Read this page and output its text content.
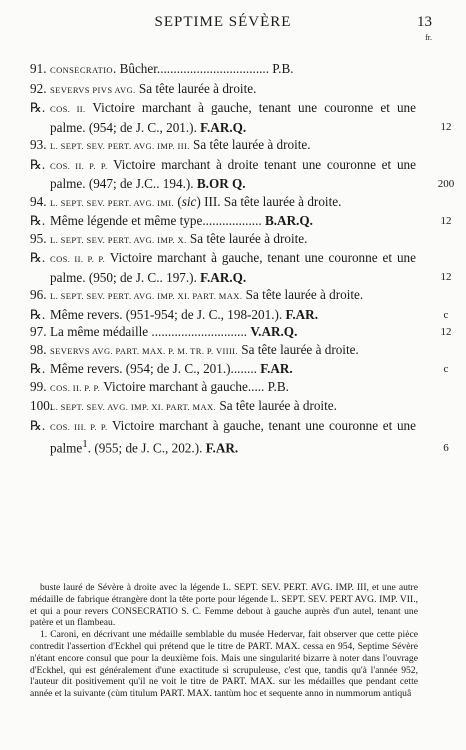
SEPTIME SÉVÈRE	13
fr.
91. CONSECRATIO. Bûcher.................................. P.B.
92. SEVERVS PIVS AVG. Sa tête laurée à droite.
℞. COS. II. Victoire marchant à gauche, tenant une couronne et une palme. (954; de J. C., 201.). F.AR.Q.	12
93. L. SEPT. SEV. PERT. AVG. IMP. III. Sa tête laurée à droite.
℞. COS. II. P. P. Victoire marchant à droite tenant une couronne et une palme. (947; de J.C.. 194.). B.OR Q.	200
94. L. SEPT. SEV. PERT. AVG. IMI. (sic) III. Sa tête laurée à droite.
℞. Même légende et même type.................. B.AR.Q.	12
95. L. SEPT. SEV. PERT. AVG. IMP. X. Sa tête laurée à droite.
℞. COS. II. P. P. Victoire marchant à gauche, tenant une couronne et une palme. (950; de J. C.. 197.). F.AR.Q.	12
96. L. SEPT. SEV. PERT. AVG. IMP. XI. PART. MAX. Sa tête laurée à droite.
℞. Même revers. (951-954; de J. C., 198-201.). F.AR.	c
97. La même médaille ............................. V.AR.Q.	12
98. SEVERVS AVG. PART. MAX. P. M. TR. P. VIIII. Sa tête laurée à droite.
℞. Même revers. (954; de J. C., 201.)........ F.AR.	c
99. COS. II. P. P. Victoire marchant à gauche..... P.B.
100.
L. SEPT. SEV. AVG. IMP. XI. PART. MAX. Sa tête laurée à droite.
℞. COS. III. P. P. Victoire marchant à gauche, tenant une couronne et une palme$^1$. (955; de J. C., 202.). F.AR.	6

buste lauré de Sévère à droite avec la légende L. SEPT. SEV. PERT. AVG. IMP. III, et une autre médaille de fabrique étrangère dont la tête porte pour légende L. SEPT. SEV. PERT AVG. IMP. VII., et qui a pour revers CONSECRATIO S. C. Femme debout à gauche auprès d'un autel, tenant une patère et un flambeau.

1. Caroni, en décrivant une médaille semblable du musée Hedervar, fait observer que cette pièce contredit l'assertion d'Eckhel qui prétend que le titre de PART. MAX. cessa en 954, Septime Sévère n'étant encore consul que pour la deuxième fois. Mais une singularité bizarre à noter dans l'ouvrage d'Eckhel, qui est généralement d'une exactitude si scrupuleuse, c'est que, tandis qu'à l'année 952, l'auteur dit positivement qu'il ne voit le titre de PART. MAX. sur les médailles que pendant cette année et la suivante (cùm titulum PART. MAX. tantùm hoc et sequente anno in nummorum antiquâ
